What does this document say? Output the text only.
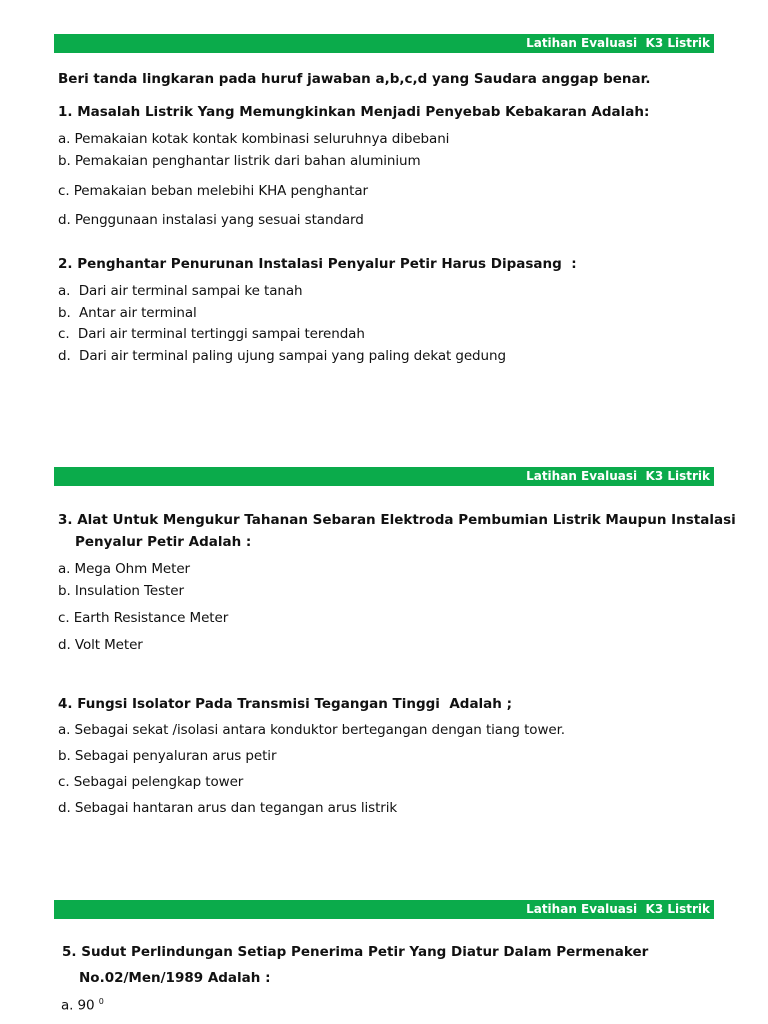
Latihan Evaluasi  K3 Listrik
Latihan Evaluasi  K3 Listrik
Latihan Evaluasi  K3 Listrik
Beri tanda lingkaran pada huruf jawaban a,b,c,d yang Saudara anggap benar.
1. Masalah Listrik Yang Memungkinkan Menjadi Penyebab Kebakaran Adalah:
a. Pemakaian kotak kontak kombinasi seluruhnya dibebani
b. Pemakaian penghantar listrik dari bahan aluminium
c. Pemakaian beban melebihi KHA penghantar
d. Penggunaan instalasi yang sesuai standard
2. Penghantar Penurunan Instalasi Penyalur Petir Harus Dipasang  :
a.  Dari air terminal sampai ke tanah
b.  Antar air terminal
c.  Dari air terminal tertinggi sampai terendah
d.  Dari air terminal paling ujung sampai yang paling dekat gedung
3. Alat Untuk Mengukur Tahanan Sebaran Elektroda Pembumian Listrik Maupun Instalasi
Penyalur Petir Adalah :
a. Mega Ohm Meter
b. Insulation Tester
c. Earth Resistance Meter
d. Volt Meter
4. Fungsi Isolator Pada Transmisi Tegangan Tinggi  Adalah ;
a. Sebagai sekat /isolasi antara konduktor bertegangan dengan tiang tower.
b. Sebagai penyaluran arus petir
c. Sebagai pelengkap tower
d. Sebagai hantaran arus dan tegangan arus listrik
5. Sudut Perlindungan Setiap Penerima Petir Yang Diatur Dalam Permenaker
No.02/Men/1989 Adalah :
a. 90 $^0$
